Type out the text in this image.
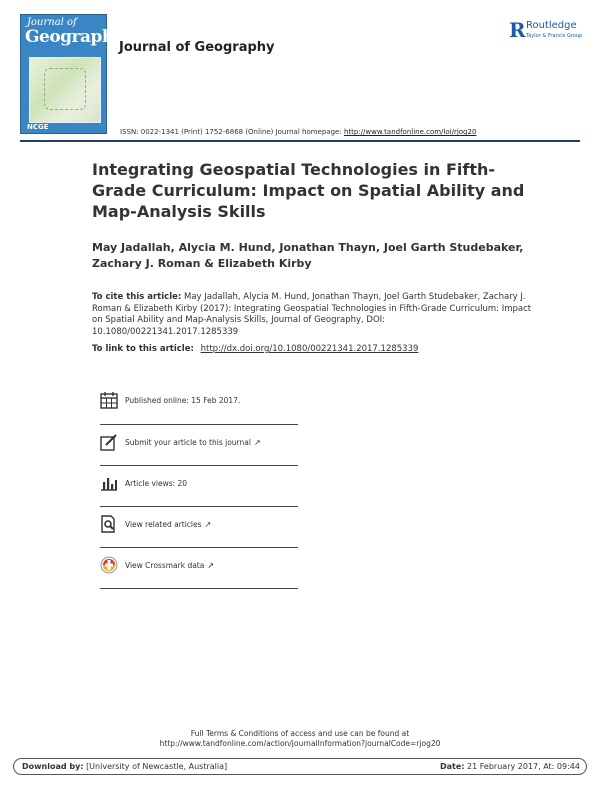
Journal of
Geography
NCGE
Journal of Geography
R Routledge
Taylor & Francis Group
ISSN: 0022-1341 (Print) 1752-6868 (Online) Journal homepage: http://www.tandfonline.com/loi/rjog20
Integrating Geospatial Technologies in Fifth-Grade Curriculum: Impact on Spatial Ability and Map-Analysis Skills
May Jadallah, Alycia M. Hund, Jonathan Thayn, Joel Garth Studebaker,
Zachary J. Roman & Elizabeth Kirby
To cite this article: May Jadallah, Alycia M. Hund, Jonathan Thayn, Joel Garth Studebaker, Zachary J. Roman & Elizabeth Kirby (2017): Integrating Geospatial Technologies in Fifth-Grade Curriculum: Impact on Spatial Ability and Map-Analysis Skills, Journal of Geography, DOI: 10.1080/00221341.2017.1285339
To link to this article: http://dx.doi.org/10.1080/00221341.2017.1285339
Published online: 15 Feb 2017.
Submit your article to this journal ↗
Article views: 20
View related articles ↗
View Crossmark data ↗
Full Terms & Conditions of access and use can be found at
http://www.tandfonline.com/action/journalInformation?journalCode=rjog20
Download by: [University of Newcastle, Australia]	Date: 21 February 2017, At: 09:44
